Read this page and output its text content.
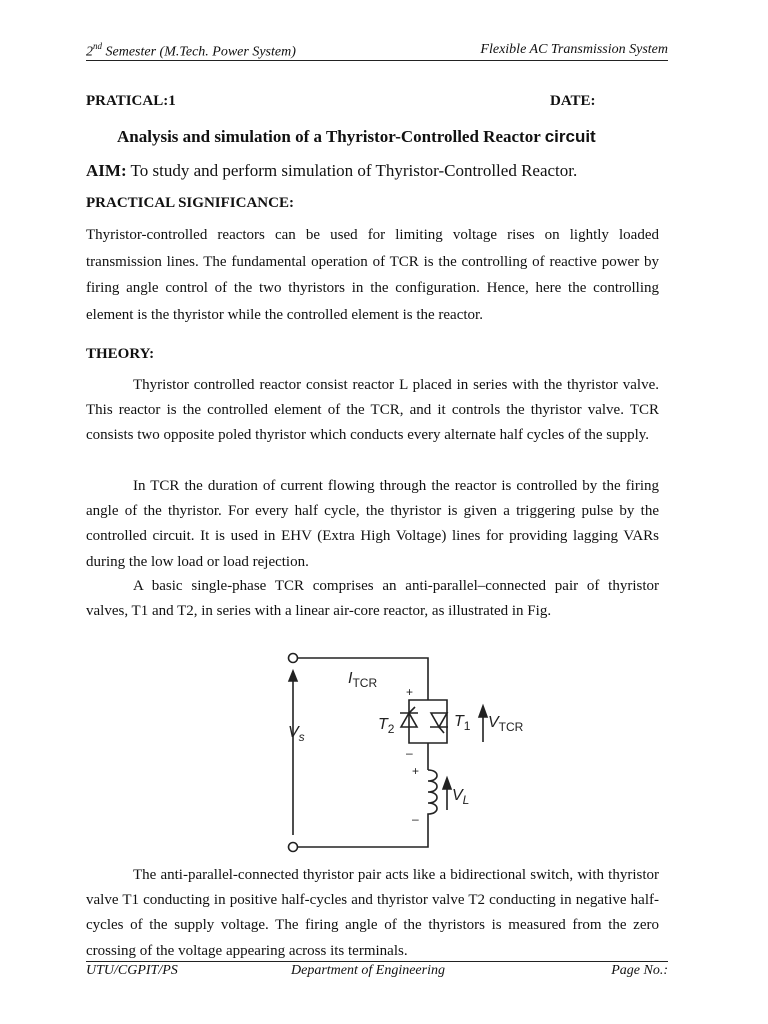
2nd Semester (M.Tech. Power System)	Flexible AC Transmission System
PRATICAL:1	DATE:
Analysis and simulation of a Thyristor-Controlled Reactor circuit
AIM: To study and perform simulation of Thyristor-Controlled Reactor.
PRACTICAL SIGNIFICANCE:
Thyristor-controlled reactors can be used for limiting voltage rises on lightly loaded transmission lines. The fundamental operation of TCR is the controlling of reactive power by firing angle control of the two thyristors in the configuration. Hence, here the controlling element is the thyristor while the controlled element is the reactor.
THEORY:
Thyristor controlled reactor consist reactor L placed in series with the thyristor valve. This reactor is the controlled element of the TCR, and it controls the thyristor valve. TCR consists two opposite poled thyristor which conducts every alternate half cycles of the supply.
In TCR the duration of current flowing through the reactor is controlled by the firing angle of the thyristor. For every half cycle, the thyristor is given a triggering pulse by the controlled circuit. It is used in EHV (Extra High Voltage) lines for providing lagging VARs during the low load or load rejection.
A basic single-phase TCR comprises an anti-parallel–connected pair of thyristor valves, T1 and T2, in series with a linear air-core reactor, as illustrated in Fig.
$I_{TCR}$
$V_s$
$T_2$	$T_1$ $V_{TCR}$
$V_L$
+
–
+
–
The anti-parallel-connected thyristor pair acts like a bidirectional switch, with thyristor valve T1 conducting in positive half-cycles and thyristor valve T2 conducting in negative half-cycles of the supply voltage. The firing angle of the thyristors is measured from the zero crossing of the voltage appearing across its terminals.
UTU/CGPIT/PS	Department of Engineering	Page No.:
